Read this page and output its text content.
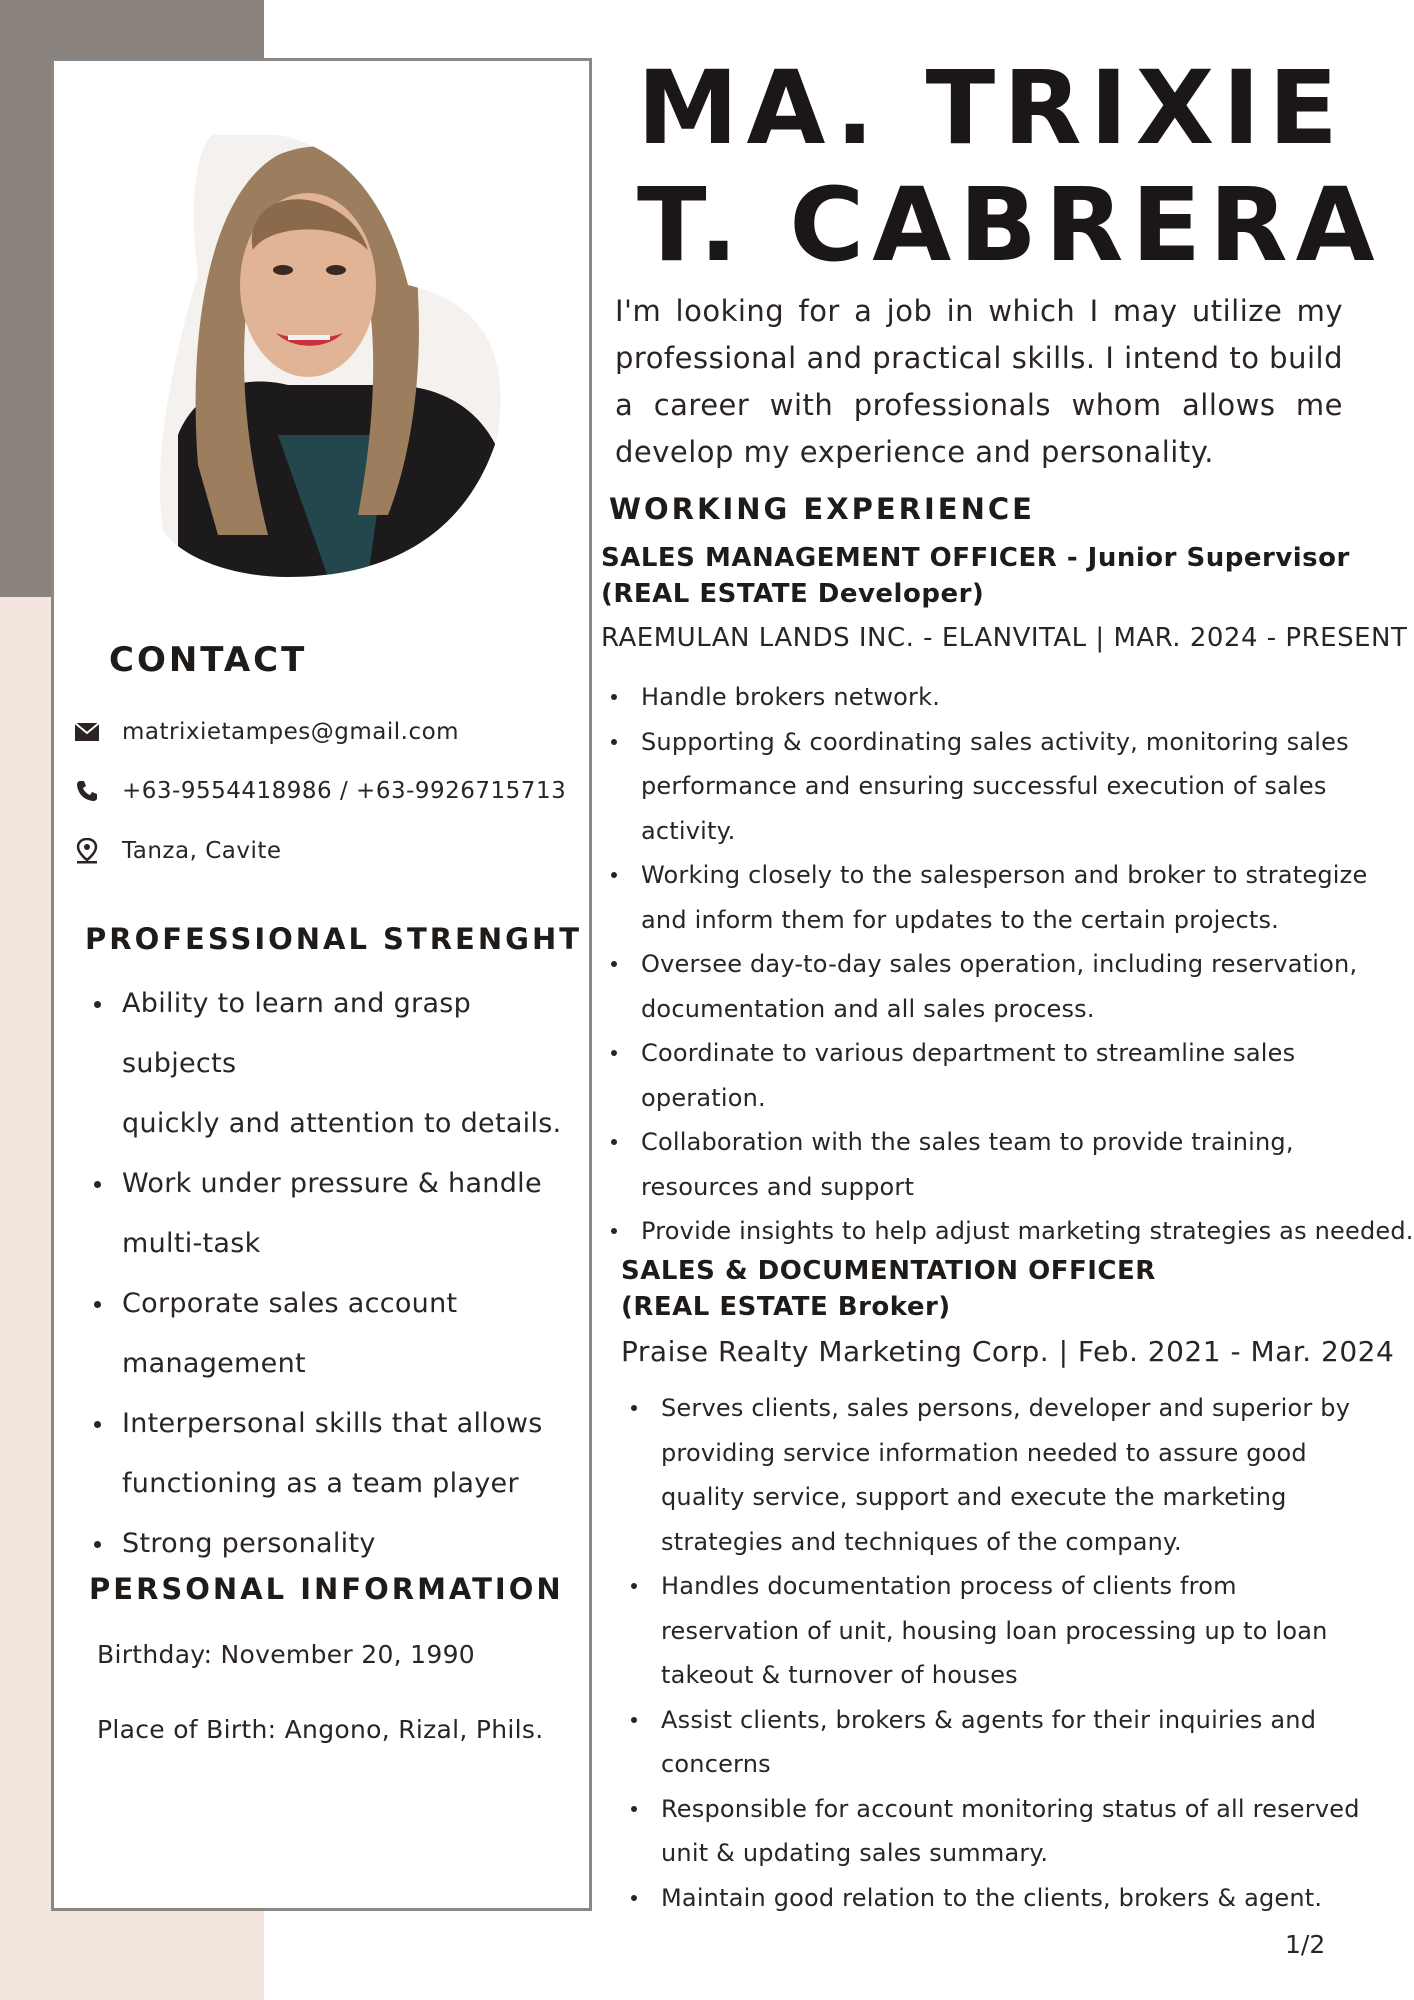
CONTACT
matrixietampes@gmail.com
+63-9554418986 / +63-9926715713
Tanza, Cavite
PROFESSIONAL STRENGHT
Ability to learn and grasp subjects
quickly and attention to details.
Work under pressure & handle
multi-task
Corporate sales account
management
Interpersonal skills that allows
functioning as a team player
Strong personality
PERSONAL INFORMATION
Birthday: November 20, 1990
Place of Birth: Angono, Rizal, Phils.
MA. TRIXIE
T. CABRERA

I'm looking for a job in which I may utilize my professional and practical skills. I intend to build a career with professionals whom allows me develop my experience and personality.

WORKING EXPERIENCE
SALES MANAGEMENT OFFICER - Junior Supervisor
(REAL ESTATE Developer)
RAEMULAN LANDS INC. - ELANVITAL | MAR. 2024 - PRESENT
Handle brokers network.
Supporting & coordinating sales activity, monitoring sales
performance and ensuring successful execution of sales
activity.
Working closely to the salesperson and broker to strategize
and inform them for updates to the certain projects.
Oversee day-to-day sales operation, including reservation,
documentation and all sales process.
Coordinate to various department to streamline sales
operation.
Collaboration with the sales team to provide training,
resources and support
Provide insights to help adjust marketing strategies as needed.
SALES & DOCUMENTATION OFFICER
(REAL ESTATE Broker)
Praise Realty Marketing Corp. | Feb. 2021 - Mar. 2024
Serves clients, sales persons, developer and superior by
providing service information needed to assure good
quality service, support and execute the marketing
strategies and techniques of the company.
Handles documentation process of clients from
reservation of unit, housing loan processing up to loan
takeout & turnover of houses
Assist clients, brokers & agents for their inquiries and
concerns
Responsible for account monitoring status of all reserved
unit & updating sales summary.
Maintain good relation to the clients, brokers & agent.
1/2
